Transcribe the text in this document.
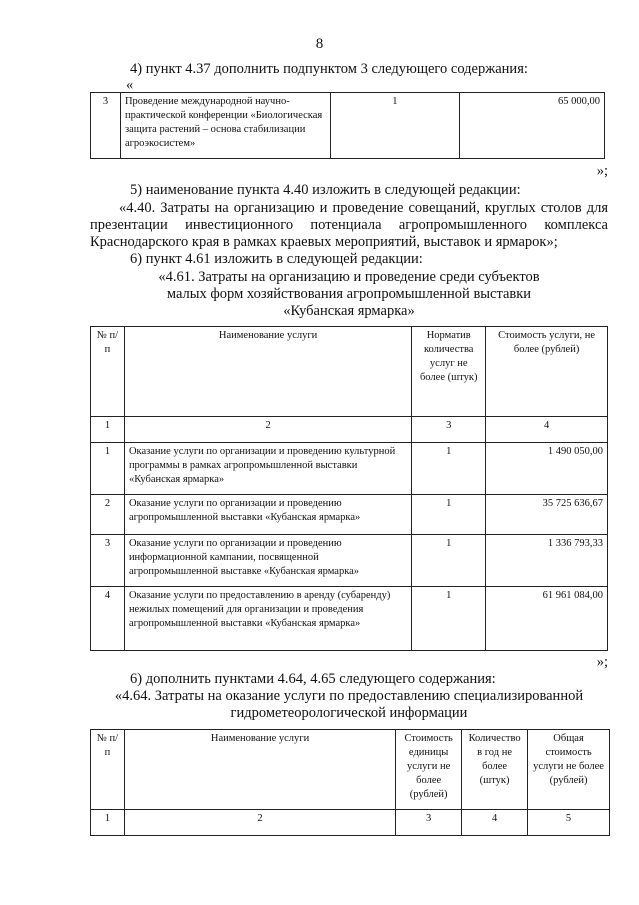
8
4) пункт 4.37 дополнить подпунктом 3 следующего содержания:
«
3	Проведение международной научно-практической конференции «Биологическая защита растений – основа стабилизации агроэкосистем»	1	65 000,00
»;
5) наименование пункта 4.40 изложить в следующей редакции:
«4.40. Затраты на организацию и проведение совещаний, круглых столов для
презентации инвестиционного потенциала агропромышленного комплекса
Краснодарского края в рамках краевых мероприятий, выставок и ярмарок»;
6) пункт 4.61 изложить в следующей редакции:
«4.61. Затраты на организацию и проведение среди субъектов
малых форм хозяйствования агропромышленной выставки
«Кубанская ярмарка»
№ п/п	Наименование услуги	Норматив количества услуг не более (штук)	Стоимость услуги, не более (рублей)
1	2	3	4
1	Оказание услуги по организации и проведению культурной программы в рамках агропромышленной выставки «Кубанская ярмарка»	1	1 490 050,00
2	Оказание услуги по организации и проведению агропромышленной выставки «Кубанская ярмарка»	1	35 725 636,67
3	Оказание услуги по организации и проведению информационной кампании, посвященной агропромышленной выставке «Кубанская ярмарка»	1	1 336 793,33
4	Оказание услуги по предоставлению в аренду (субаренду) нежилых помещений для организации и проведения агропромышленной выставки «Кубанская ярмарка»	1	61 961 084,00
»;
6) дополнить пунктами 4.64, 4.65 следующего содержания:
«4.64. Затраты на оказание услуги по предоставлению специализированной
гидрометеорологической информации
№ п/п	Наименование услуги	Стоимость единицы услуги не более (рублей)	Количество в год не более (штук)	Общая стоимость услуги не более (рублей)
1	2	3	4	5
